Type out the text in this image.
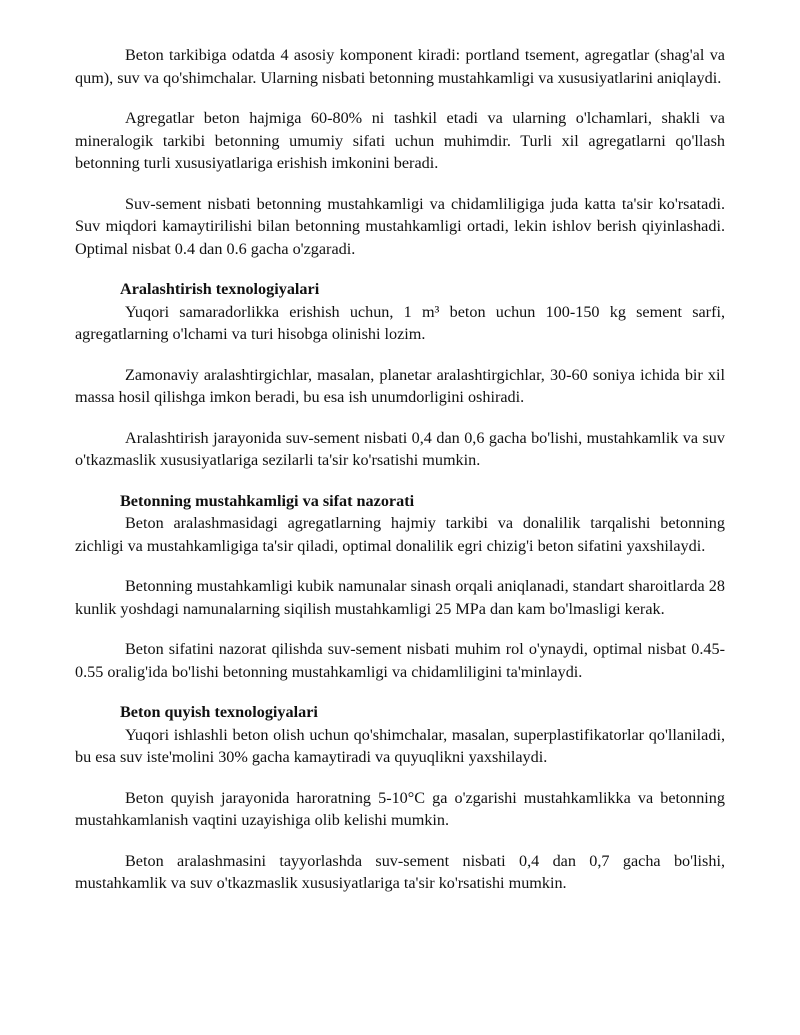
Beton tarkibiga odatda 4 asosiy komponent kiradi: portland tsement, agregatlar (shag'al va qum), suv va qo'shimchalar. Ularning nisbati betonning mustahkamligi va xususiyatlarini aniqlaydi.

Agregatlar beton hajmiga 60-80% ni tashkil etadi va ularning o'lchamlari, shakli va mineralogik tarkibi betonning umumiy sifati uchun muhimdir. Turli xil agregatlarni qo'llash betonning turli xususiyatlariga erishish imkonini beradi.

Suv-sement nisbati betonning mustahkamligi va chidamliligiga juda katta ta'sir ko'rsatadi. Suv miqdori kamaytirilishi bilan betonning mustahkamligi ortadi, lekin ishlov berish qiyinlashadi. Optimal nisbat 0.4 dan 0.6 gacha o'zgaradi.

Aralashtirish texnologiyalari

Yuqori samaradorlikka erishish uchun, 1 m³ beton uchun 100-150 kg sement sarfi, agregatlarning o'lchami va turi hisobga olinishi lozim.

Zamonaviy aralashtirgichlar, masalan, planetar aralashtirgichlar, 30-60 soniya ichida bir xil massa hosil qilishga imkon beradi, bu esa ish unumdorligini oshiradi.

Aralashtirish jarayonida suv-sement nisbati 0,4 dan 0,6 gacha bo'lishi, mustahkamlik va suv o'tkazmaslik xususiyatlariga sezilarli ta'sir ko'rsatishi mumkin.

Betonning mustahkamligi va sifat nazorati

Beton aralashmasidagi agregatlarning hajmiy tarkibi va donalilik tarqalishi betonning zichligi va mustahkamligiga ta'sir qiladi, optimal donalilik egri chizig'i beton sifatini yaxshilaydi.

Betonning mustahkamligi kubik namunalar sinash orqali aniqlanadi, standart sharoitlarda 28 kunlik yoshdagi namunalarning siqilish mustahkamligi 25 MPa dan kam bo'lmasligi kerak.

Beton sifatini nazorat qilishda suv-sement nisbati muhim rol o'ynaydi, optimal nisbat 0.45-0.55 oralig'ida bo'lishi betonning mustahkamligi va chidamliligini ta'minlaydi.

Beton quyish texnologiyalari

Yuqori ishlashli beton olish uchun qo'shimchalar, masalan, superplastifikatorlar qo'llaniladi, bu esa suv iste'molini 30% gacha kamaytiradi va quyuqlikni yaxshilaydi.

Beton quyish jarayonida haroratning 5-10°C ga o'zgarishi mustahkamlikka va betonning mustahkamlanish vaqtini uzayishiga olib kelishi mumkin.

Beton aralashmasini tayyorlashda suv-sement nisbati 0,4 dan 0,7 gacha bo'lishi, mustahkamlik va suv o'tkazmaslik xususiyatlariga ta'sir ko'rsatishi mumkin.
